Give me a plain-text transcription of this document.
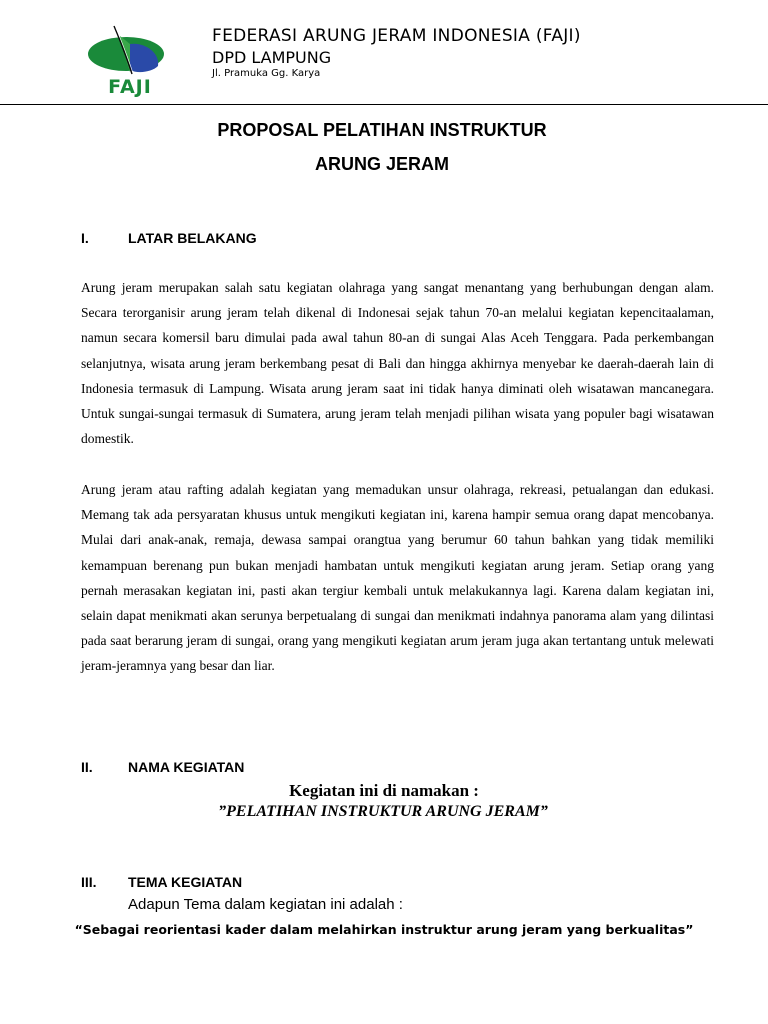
FAJI
FEDERASI ARUNG JERAM INDONESIA (FAJI)
DPD LAMPUNG
Jl. Pramuka Gg. Karya
PROPOSAL PELATIHAN INSTRUKTUR
ARUNG JERAM
I.	LATAR BELAKANG
Arung jeram merupakan salah satu kegiatan olahraga yang sangat menantang yang berhubungan dengan alam. Secara terorganisir arung jeram telah dikenal di Indonesai sejak tahun 70-an melalui kegiatan kepencitaalaman, namun secara komersil baru dimulai pada awal tahun 80-an di sungai Alas Aceh Tenggara. Pada perkembangan selanjutnya, wisata arung jeram berkembang pesat di Bali dan hingga akhirnya menyebar ke daerah-daerah lain di Indonesia termasuk di Lampung. Wisata arung jeram saat ini tidak hanya diminati oleh wisatawan mancanegara. Untuk sungai-sungai termasuk di Sumatera, arung jeram telah menjadi pilihan wisata yang populer bagi wisatawan domestik.
Arung jeram atau rafting adalah kegiatan yang memadukan unsur olahraga, rekreasi, petualangan dan edukasi. Memang tak ada persyaratan khusus untuk mengikuti kegiatan ini, karena hampir semua orang dapat mencobanya. Mulai dari anak-anak, remaja, dewasa sampai orangtua yang berumur 60 tahun bahkan yang tidak memiliki kemampuan berenang pun bukan menjadi hambatan untuk mengikuti kegiatan arung jeram. Setiap orang yang pernah merasakan kegiatan ini, pasti akan tergiur kembali untuk melakukannya lagi. Karena dalam kegiatan ini, selain dapat menikmati akan serunya berpetualang di sungai dan menikmati indahnya panorama alam yang dilintasi pada saat berarung jeram di sungai, orang yang mengikuti kegiatan arum jeram juga akan tertantang untuk melewati jeram-jeramnya yang besar dan liar.
II.	NAMA KEGIATAN
Kegiatan ini di namakan :
”PELATIHAN INSTRUKTUR ARUNG JERAM”
III. TEMA KEGIATAN
Adapun Tema dalam kegiatan ini adalah :
“Sebagai reorientasi kader dalam melahirkan instruktur arung jeram yang berkualitas”
